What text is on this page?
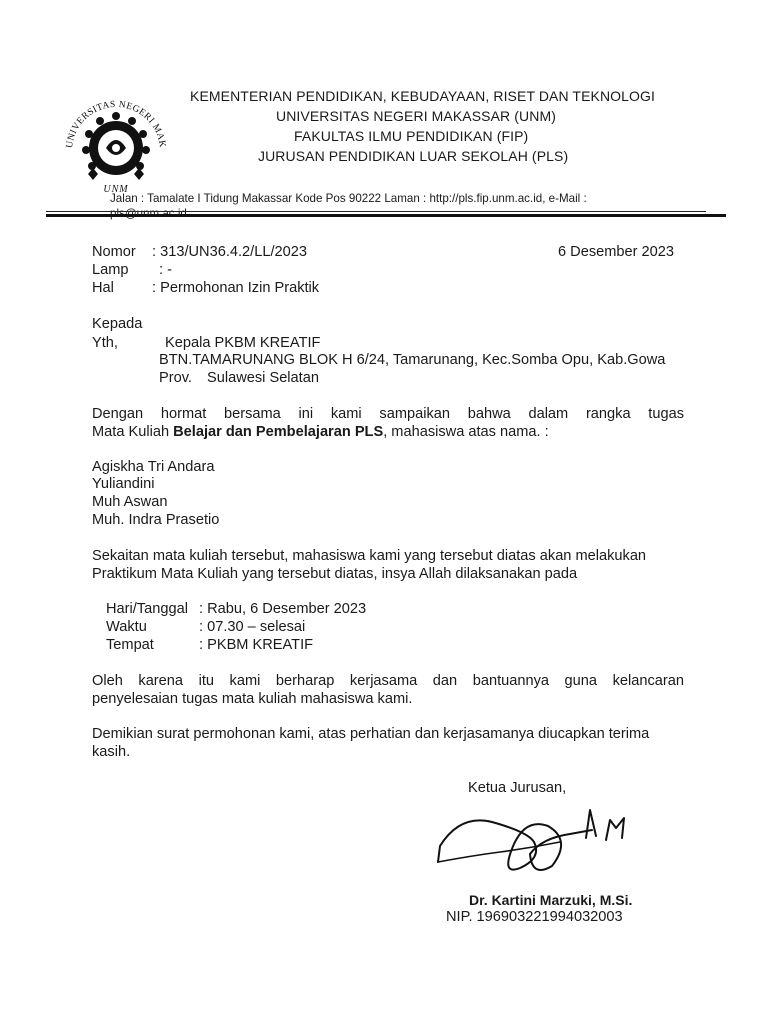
UNIVERSITAS NEGERI MAK
UNM
KEMENTERIAN PENDIDIKAN, KEBUDAYAAN, RISET DAN TEKNOLOGI
UNIVERSITAS NEGERI MAKASSAR (UNM)
FAKULTAS ILMU PENDIDIKAN (FIP)
JURUSAN PENDIDIKAN LUAR SEKOLAH (PLS)
Jalan : Tamalate I Tidung Makassar Kode Pos 90222 Laman : http://pls.fip.unm.ac.id, e-Mail :
Nomor : 313/UN36.4.2/LL/2023	6 Desember 2023
Lamp : -
Hal	: Permohonan Izin Praktik
Kepada
Yth,	Kepala PKBM KREATIF
BTN.TAMARUNANG BLOK H 6/24, Tamarunang, Kec.Somba Opu, Kab.Gowa
Prov. Sulawesi Selatan
Dengan hormat bersama ini kami sampaikan bahwa dalam rangka tugas
Mata Kuliah Belajar dan Pembelajaran PLS, mahasiswa atas nama. :
Agiskha Tri Andara
Yuliandini
Muh Aswan
Muh. Indra Prasetio
Sekaitan mata kuliah tersebut, mahasiswa kami yang tersebut diatas akan melakukan
Praktikum Mata Kuliah yang tersebut diatas, insya Allah dilaksanakan pada
Hari/Tanggal : Rabu, 6 Desember 2023
Waktu	: 07.30 – selesai
Tempat	: PKBM KREATIF
Oleh karena itu kami berharap kerjasama dan bantuannya guna kelancaran
penyelesaian tugas mata kuliah mahasiswa kami.
Demikian surat permohonan kami, atas perhatian dan kerjasamanya diucapkan terima
kasih.
Ketua Jurusan,
Dr. Kartini Marzuki, M.Si.
NIP. 196903221994032003
